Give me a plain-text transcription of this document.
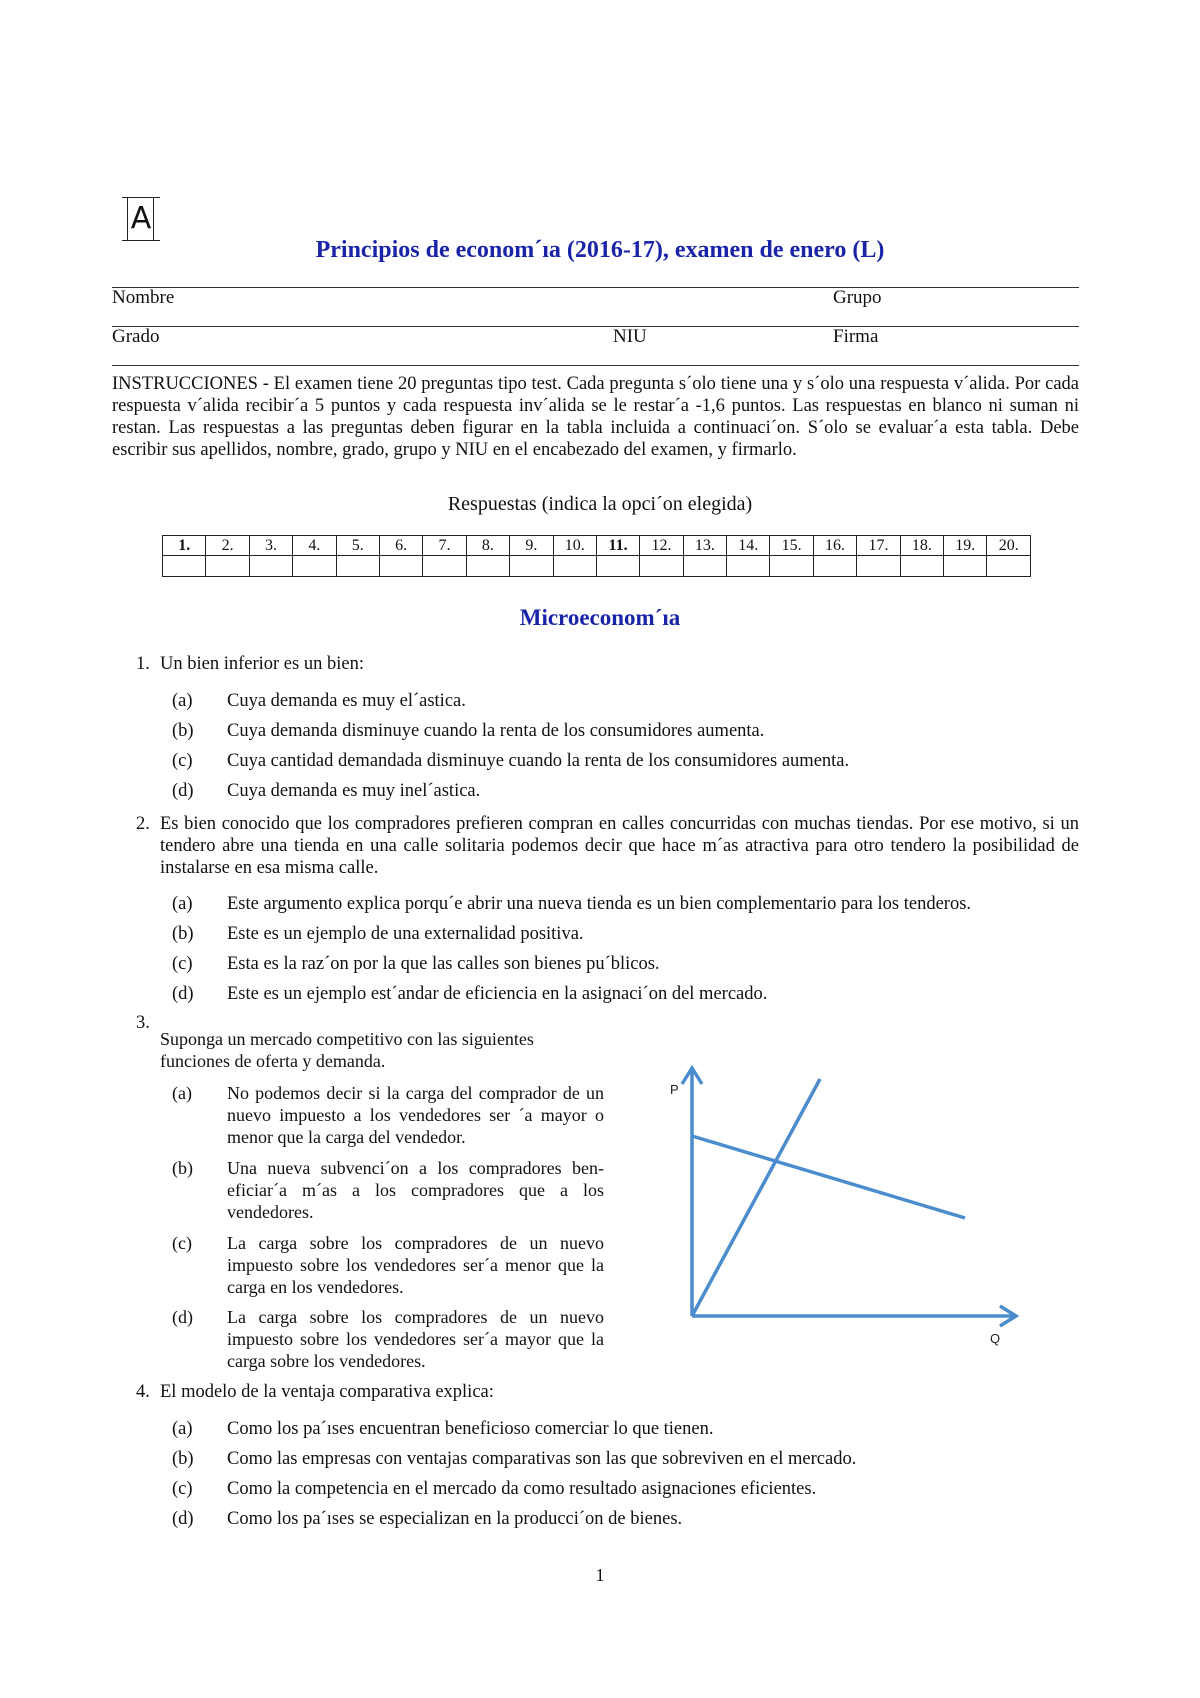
A
Principios de econom´ıa (2016-17), examen de enero (L)
Nombre	Grupo
Grado	NIU	Firma
INSTRUCCIONES - El examen tiene 20 preguntas tipo test. Cada pregunta s´olo tiene una y s´olo una respuesta v´alida. Por cada respuesta v´alida recibir´a 5 puntos y cada respuesta inv´alida se le restar´a -1,6 puntos. Las respuestas en blanco ni suman ni restan. Las respuestas a las preguntas deben figurar en la tabla incluida a continuaci´on. S´olo se evaluar´a esta tabla. Debe escribir sus apellidos, nombre, grado, grupo y NIU en el encabezado del examen, y firmarlo.
Respuestas (indica la opci´on elegida)
1.	2.	3.	4.	5.	6.	7.	8.	9.	10.	11.	12.	13.	14.	15.	16.	17.	18.	19.	20.

Microeconom´ıa
1. Un bien inferior es un bien:
(a) Cuya demanda es muy el´astica.
(b) Cuya demanda disminuye cuando la renta de los consumidores aumenta.
(c) Cuya cantidad demandada disminuye cuando la renta de los consumidores aumenta.
(d) Cuya demanda es muy inel´astica.
2. Es bien conocido que los compradores prefieren compran en calles concurridas con muchas tiendas. Por ese motivo, si un tendero abre una tienda en una calle solitaria podemos decir que hace m´as atractiva para otro tendero la posibilidad de instalarse en esa misma calle.
(a) Este argumento explica porqu´e abrir una nueva tienda es un bien complementario para los tenderos.
(b) Este es un ejemplo de una externalidad positiva.
(c) Esta es la raz´on por la que las calles son bienes pu´blicos.
(d) Este es un ejemplo est´andar de eficiencia en la asignaci´on del mercado.
3.
Suponga un mercado competitivo con las siguientes funciones de oferta y demanda.
(a) No podemos decir si la carga del comprador de un nuevo impuesto a los vendedores ser ´a mayor o menor que la carga del vendedor.
(b) Una nueva subvenci´on a los compradores ben- eficiar´a m´as a los compradores que a los vendedores.
(c) La carga sobre los compradores de un nuevo impuesto sobre los vendedores ser´a menor que la carga en los vendedores.
(d) La carga sobre los compradores de un nuevo impuesto sobre los vendedores ser´a mayor que la carga sobre los vendedores.
P
Q
4. El modelo de la ventaja comparativa explica:
(a) Como los pa´ıses encuentran beneficioso comerciar lo que tienen.
(b) Como las empresas con ventajas comparativas son las que sobreviven en el mercado.
(c) Como la competencia en el mercado da como resultado asignaciones eficientes.
(d) Como los pa´ıses se especializan en la producci´on de bienes.
1
